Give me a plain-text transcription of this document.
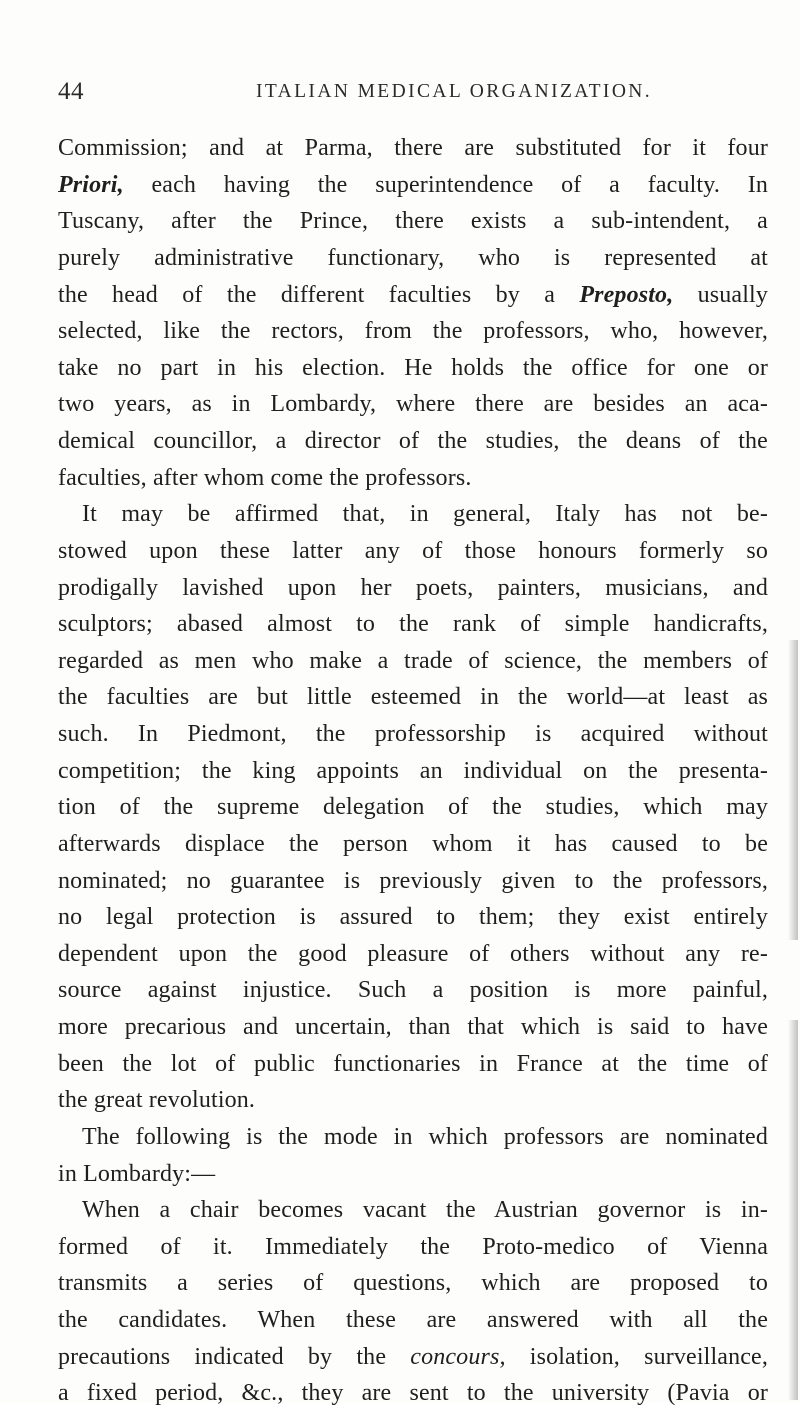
44	ITALIAN MEDICAL ORGANIZATION.
Commission; and at Parma, there are substituted for it four
Priori, each having the superintendence of a faculty. In
Tuscany, after the Prince, there exists a sub-intendent, a
purely administrative functionary, who is represented at
the head of the different faculties by a Preposto, usually
selected, like the rectors, from the professors, who, however,
take no part in his election. He holds the office for one or
two years, as in Lombardy, where there are besides an aca-
demical councillor, a director of the studies, the deans of the
faculties, after whom come the professors.
It may be affirmed that, in general, Italy has not be-
stowed upon these latter any of those honours formerly so
prodigally lavished upon her poets, painters, musicians, and
sculptors; abased almost to the rank of simple handicrafts,
regarded as men who make a trade of science, the members of
the faculties are but little esteemed in the world—at least as
such. In Piedmont, the professorship is acquired without
competition; the king appoints an individual on the presenta-
tion of the supreme delegation of the studies, which may
afterwards displace the person whom it has caused to be
nominated; no guarantee is previously given to the professors,
no legal protection is assured to them; they exist entirely
dependent upon the good pleasure of others without any re-
source against injustice. Such a position is more painful,
more precarious and uncertain, than that which is said to have
been the lot of public functionaries in France at the time of
the great revolution.
The following is the mode in which professors are nominated
in Lombardy:—
When a chair becomes vacant the Austrian governor is in-
formed of it. Immediately the Proto-medico of Vienna
transmits a series of questions, which are proposed to
the candidates. When these are answered with all the
precautions indicated by the concours, isolation, surveillance,
a fixed period, &c., they are sent to the university (Pavia or
